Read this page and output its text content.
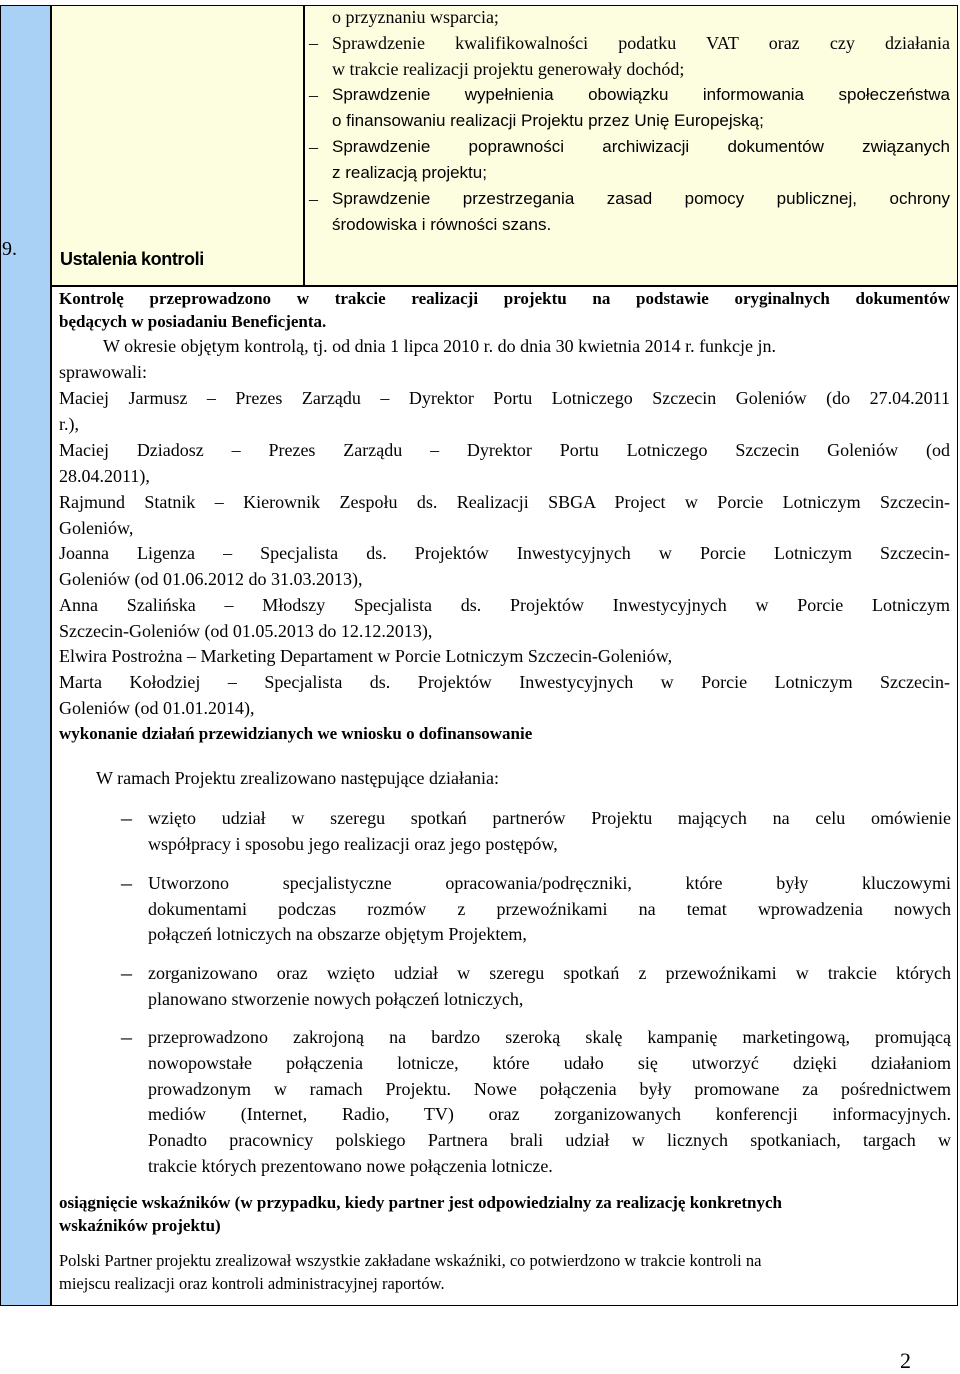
9. Ustalenia kontroli
o przyznaniu wsparcia;
– Sprawdzenie kwalifikowalności podatku VAT oraz czy działania
w trakcie realizacji projektu generowały dochód;
– Sprawdzenie wypełnienia obowiązku informowania społeczeństwa
o finansowaniu realizacji Projektu przez Unię Europejską;
– Sprawdzenie poprawności archiwizacji dokumentów związanych
z realizacją projektu;
– Sprawdzenie przestrzegania zasad pomocy publicznej, ochrony
środowiska i równości szans.
Kontrolę przeprowadzono w trakcie realizacji projektu na podstawie oryginalnych dokumentów
będących w posiadaniu Beneficjenta.
W okresie objętym kontrolą, tj. od dnia 1 lipca 2010 r. do dnia 30 kwietnia 2014 r. funkcje jn.
sprawowali:
Maciej Jarmusz – Prezes Zarządu – Dyrektor Portu Lotniczego Szczecin Goleniów (do 27.04.2011
r.),
Maciej Dziadosz – Prezes Zarządu – Dyrektor Portu Lotniczego Szczecin Goleniów (od
28.04.2011),
Rajmund Statnik – Kierownik Zespołu ds. Realizacji SBGA Project w Porcie Lotniczym Szczecin-
Goleniów,
Joanna Ligenza – Specjalista ds. Projektów Inwestycyjnych w Porcie Lotniczym Szczecin-
Goleniów (od 01.06.2012 do 31.03.2013),
Anna Szalińska – Młodszy Specjalista ds. Projektów Inwestycyjnych w Porcie Lotniczym
Szczecin-Goleniów (od 01.05.2013 do 12.12.2013),
Elwira Postrożna – Marketing Departament w Porcie Lotniczym Szczecin-Goleniów,
Marta Kołodziej – Specjalista ds. Projektów Inwestycyjnych w Porcie Lotniczym Szczecin-
Goleniów (od 01.01.2014),
wykonanie działań przewidzianych we wniosku o dofinansowanie
W ramach Projektu zrealizowano następujące działania:
– wzięto udział w szeregu spotkań partnerów Projektu mających na celu omówienie
współpracy i sposobu jego realizacji oraz jego postępów,
– Utworzono specjalistyczne opracowania/podręczniki, które były kluczowymi
dokumentami podczas rozmów z przewoźnikami na temat wprowadzenia nowych
połączeń lotniczych na obszarze objętym Projektem,
– zorganizowano oraz wzięto udział w szeregu spotkań z przewoźnikami w trakcie których
planowano stworzenie nowych połączeń lotniczych,
– przeprowadzono zakrojoną na bardzo szeroką skalę kampanię marketingową, promującą
nowopowstałe połączenia lotnicze, które udało się utworzyć dzięki działaniom
prowadzonym w ramach Projektu. Nowe połączenia były promowane za pośrednictwem
mediów (Internet, Radio, TV) oraz zorganizowanych konferencji informacyjnych.
Ponadto pracownicy polskiego Partnera brali udział w licznych spotkaniach, targach w
trakcie których prezentowano nowe połączenia lotnicze.
osiągnięcie wskaźników (w przypadku, kiedy partner jest odpowiedzialny za realizację konkretnych
wskaźników projektu)
Polski Partner projektu zrealizował wszystkie zakładane wskaźniki, co potwierdzono w trakcie kontroli na
miejscu realizacji oraz kontroli administracyjnej raportów.
2
